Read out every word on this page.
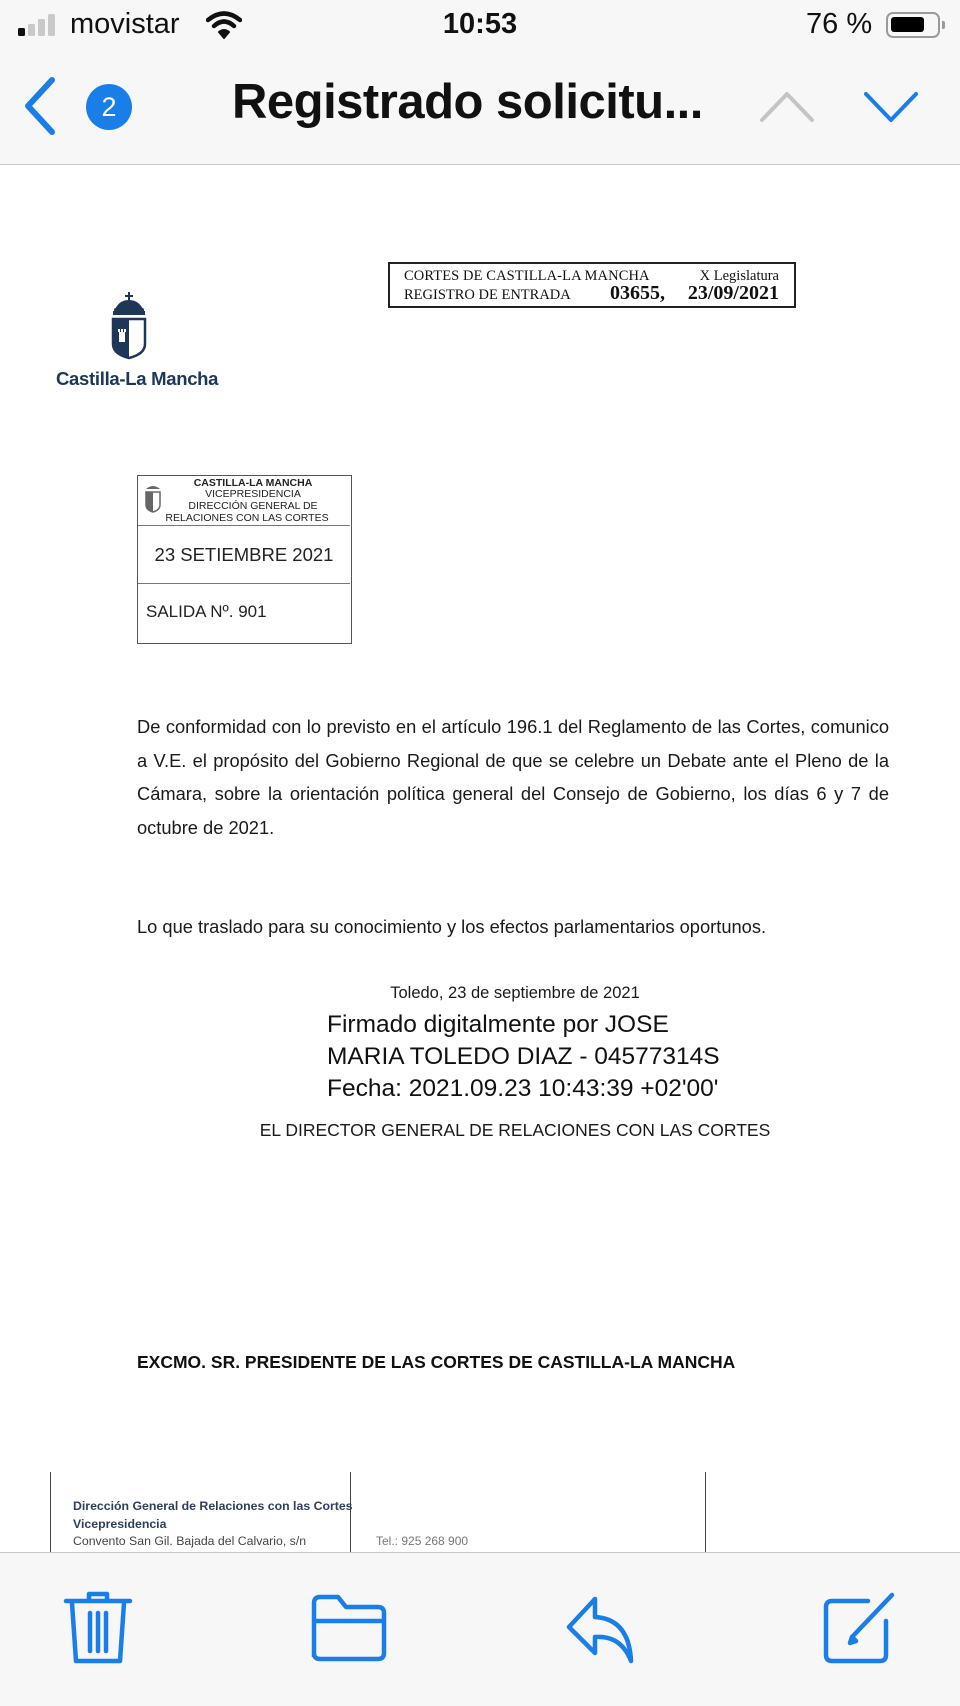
movistar	10:53	76 %
2	Registrado solicitu...
CORTES DE CASTILLA-LA MANCHA	X Legislatura
REGISTRO DE ENTRADA 03655, 23/09/2021
Castilla-La Mancha
CASTILLA-LA MANCHA
VICEPRESIDENCIA
DIRECCIÓN GENERAL DE
RELACIONES CON LAS CORTES
23 SETIEMBRE 2021
SALIDA Nº. 901

De conformidad con lo previsto en el artículo 196.1 del Reglamento de las Cortes, comunico a V.E. el propósito del Gobierno Regional de que se celebre un Debate ante el Pleno de la Cámara, sobre la orientación política general del Consejo de Gobierno, los días 6 y 7 de octubre de 2021.

Lo que traslado para su conocimiento y los efectos parlamentarios oportunos.

Toledo, 23 de septiembre de 2021
Firmado digitalmente por JOSE
MARIA TOLEDO DIAZ - 04577314S
Fecha: 2021.09.23 10:43:39 +02'00'
EL DIRECTOR GENERAL DE RELACIONES CON LAS CORTES
EXCMO. SR. PRESIDENTE DE LAS CORTES DE CASTILLA-LA MANCHA
Dirección General de Relaciones con las Cortes
Vicepresidencia
Convento San Gil. Bajada del Calvario, s/n	Tel.: 925 268 900
